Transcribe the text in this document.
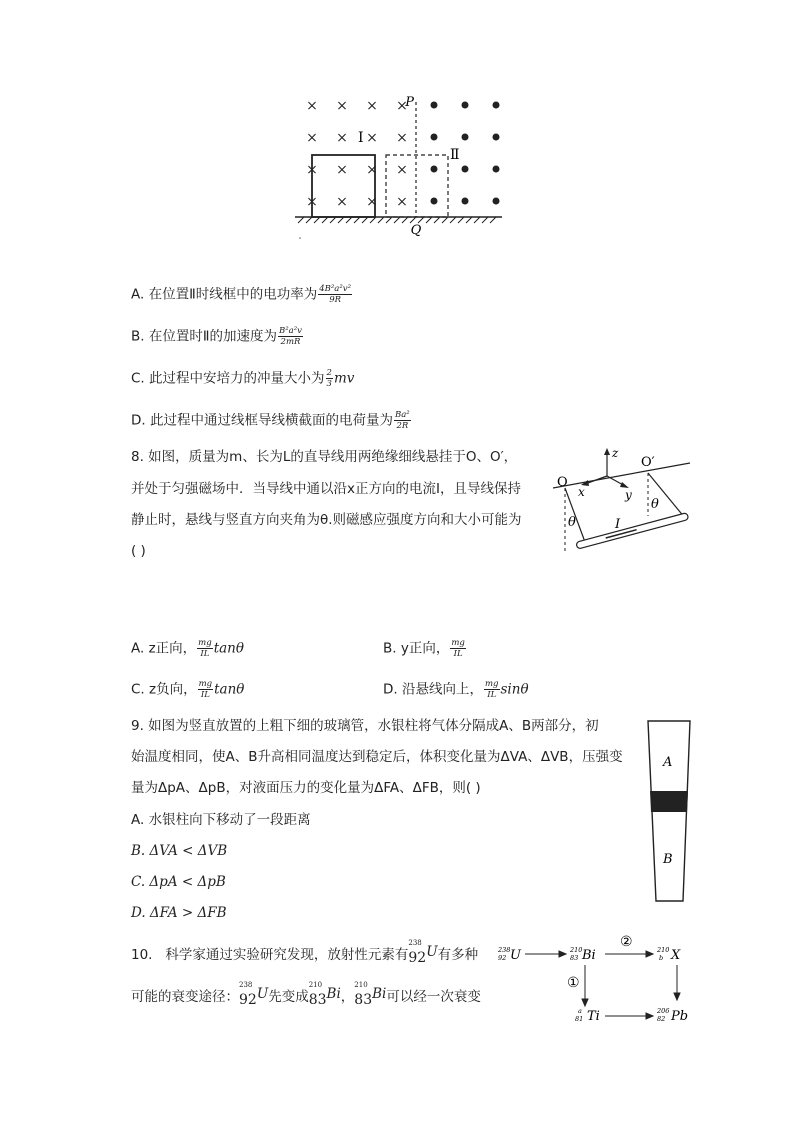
× × × ×
× × × ×
× × × ×
× × × ×
P
Ⅰ
Ⅱ
Q
A. 在位置Ⅱ时线框中的电功率为 $\frac{\text{4B²a²v²}}{9R}$
B. 在位置时Ⅱ的加速度为 $\frac{\text{B²a²v}}{2mR}$
C. 此过程中安培力的冲量大小为 $\frac{2}{3}$ mv
D. 此过程中通过线框导线横截面的电荷量为 $\frac{\text{Ba²}}{2R}$
8. 如图，质量为m、长为L的直导线用两绝缘细线悬挂于O、O′，
并处于匀强磁场中．当导线中通以沿x正方向的电流I，且导线保持
静止时，悬线与竖直方向夹角为θ.则磁感应强度方向和大小可能为
( )
z
x	y
O
O′
θ
θ
I
A. z正向， $\frac{mg}{IL}$ tanθ	B. y正向， $\frac{mg}{IL}$
C. z负向， $\frac{mg}{IL}$ tanθ	D. 沿悬线向上， $\frac{mg}{IL}$ sinθ
9. 如图为竖直放置的上粗下细的玻璃管，水银柱将气体分隔成A、B两部分，初
始温度相同，使A、B升高相同温度达到稳定后，体积变化量为ΔVA、ΔVB，压强变
量为ΔpA、ΔpB，对液面压力的变化量为ΔFA、ΔFB，则( )
A. 水银柱向下移动了一段距离
B. ΔVA < ΔVB
C. ΔpA < ΔpB
D. ΔFA > ΔFB
A
B
10. 科学家通过实验研究发现，放射性元素有
238
92U有多种
可能的衰变途径：
238
92U先变成
210
83Bi，
210
83Bi可以经一次衰变
238
92
210
83
210
b
a
81
206
82
U	Bi	X
Ti	Pb
②
①
